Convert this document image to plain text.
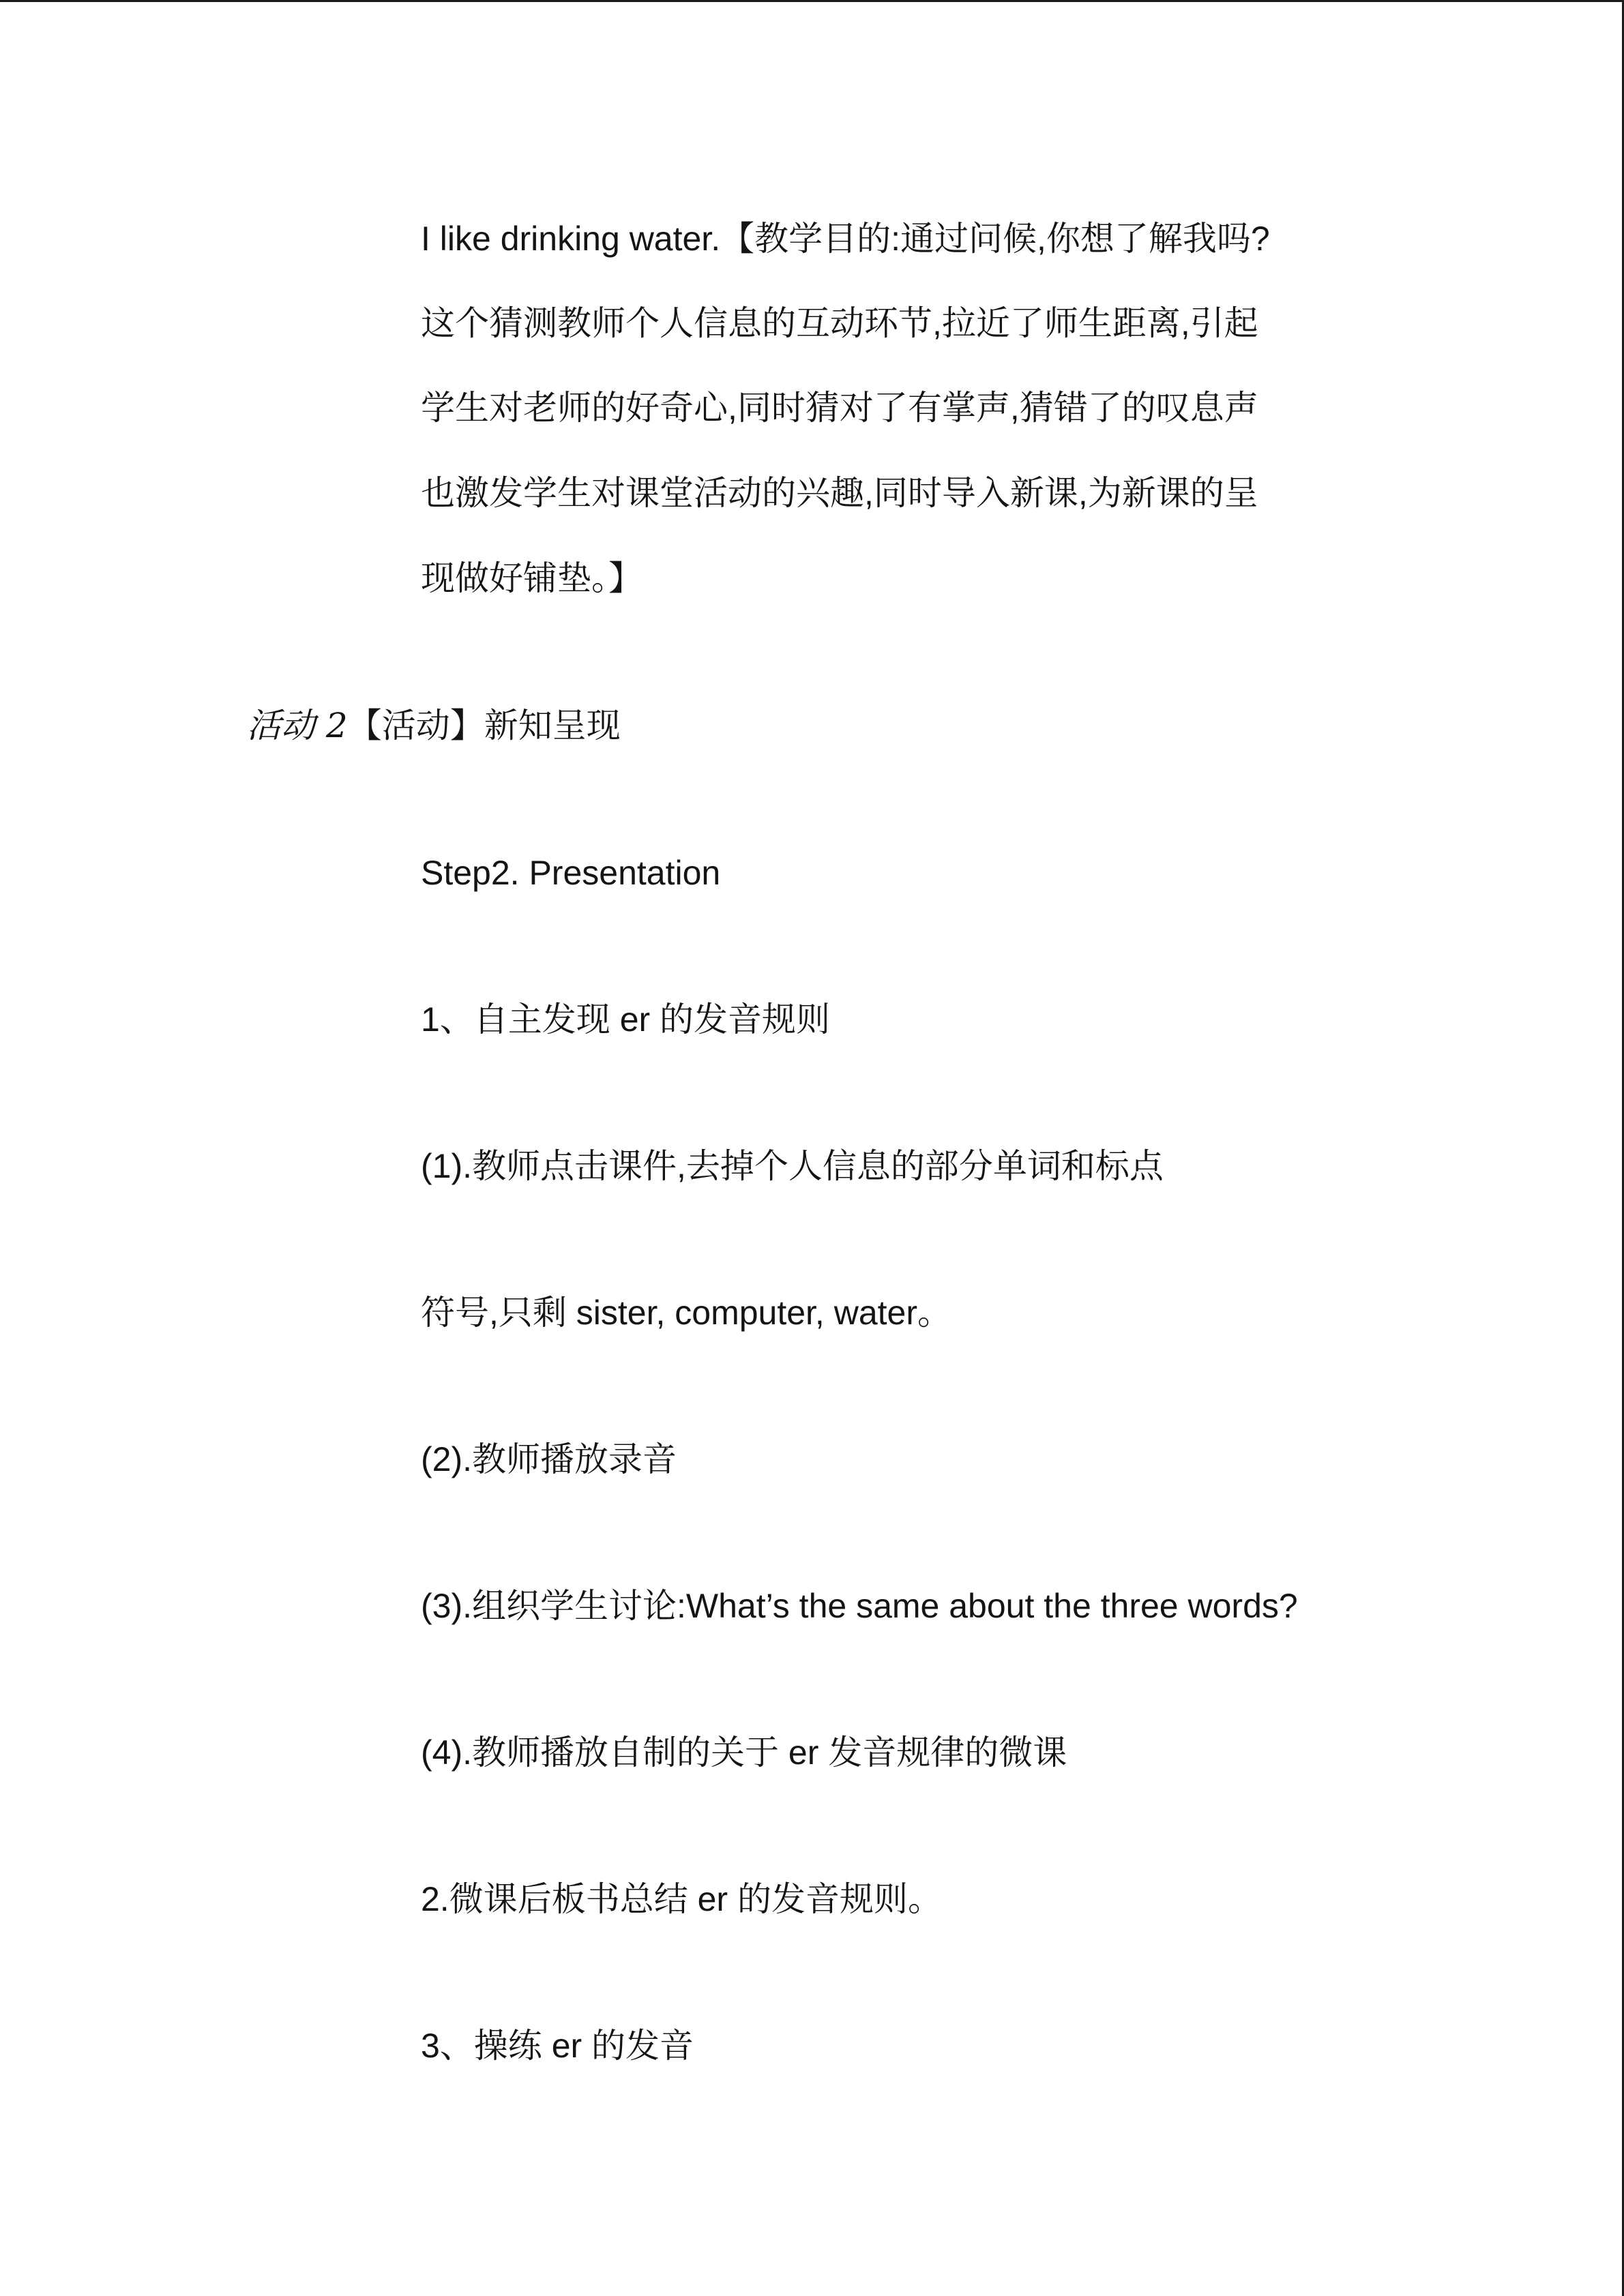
I like drinking water.【教学目的:通过问候,你想了解我吗?

这个猜测教师个人信息的互动环节,拉近了师生距离,引起

学生对老师的好奇心,同时猜对了有掌声,猜错了的叹息声

也激发学生对课堂活动的兴趣,同时导入新课,为新课的呈

现做好铺垫。】

活动 2【活动】新知呈现

Step2. Presentation

1、自主发现 er 的发音规则

(1).教师点击课件,去掉个人信息的部分单词和标点

符号,只剩 sister, computer, water。

(2).教师播放录音

(3).组织学生讨论:What’s the same about the three words?

(4).教师播放自制的关于 er 发音规律的微课

2.微课后板书总结 er 的发音规则。

3、操练 er 的发音
